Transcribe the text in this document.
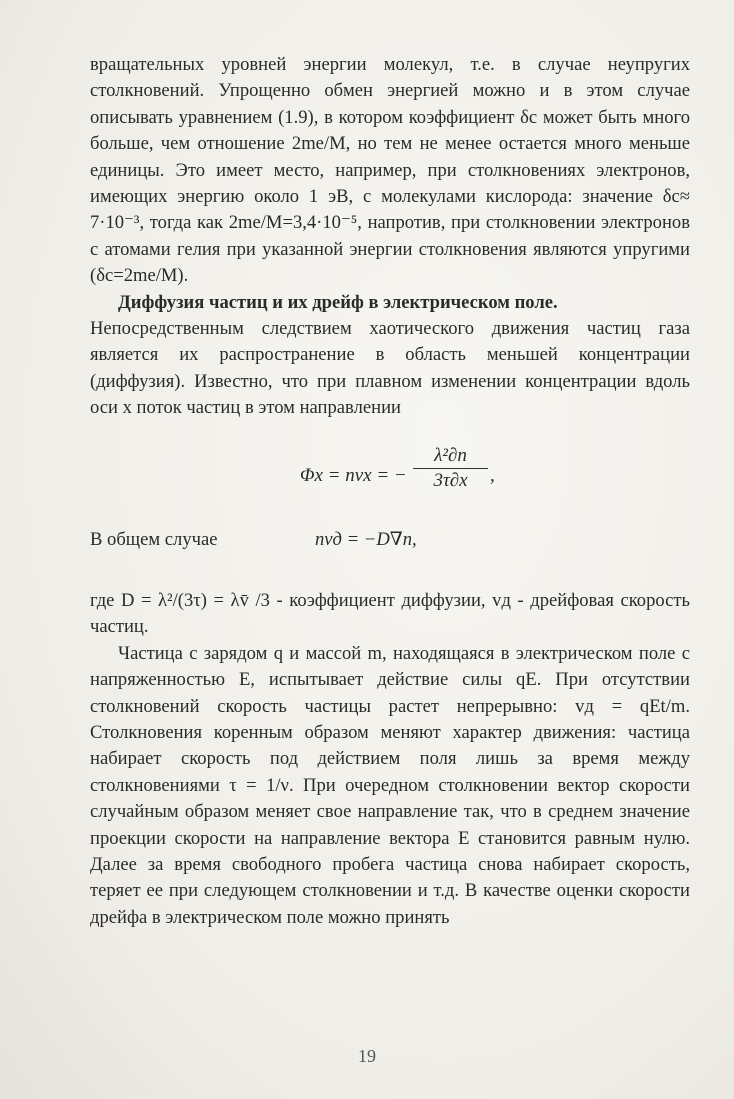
вращательных уровней энергии молекул, т.е. в случае неупругих столкновений. Упрощенно обмен энергией можно и в этом случае описывать уравнением (1.9), в котором коэффициент δc может быть много больше, чем отношение 2me/M, но тем не менее остается много меньше единицы. Это имеет место, например, при столкновениях электронов, имеющих энергию около 1 эВ, с молекулами кислорода: значение δc≈ 7·10⁻³, тогда как 2me/M=3,4·10⁻⁵, напротив, при столкновении электронов с атомами гелия при указанной энергии столкновения являются упругими (δc=2me/M).

Диффузия частиц и их дрейф в электрическом поле.

Непосредственным следствием хаотического движения частиц газа является их распространение в область меньшей концентрации (диффузия). Известно, что при плавном изменении концентрации вдоль оси x поток частиц в этом направлении

Φx = nvx = − $\frac{\text{λ²∂n}}{3\tau\partial x}$ ,
В общем случае	nvд = −D∇n,

где D = λ²/(3τ) = λv̄ /3 - коэффициент диффузии, vд - дрейфовая скорость частиц.

Частица с зарядом q и массой m, находящаяся в электрическом поле с напряженностью E, испытывает действие силы qE. При отсутствии столкновений скорость частицы растет непрерывно: vд = qEt/m. Столкновения коренным образом меняют характер движения: частица набирает скорость под действием поля лишь за время между столкновениями τ = 1/ν. При очередном столкновении вектор скорости случайным образом меняет свое направление так, что в среднем значение проекции скорости на направление вектора E становится равным нулю. Далее за время свободного пробега частица снова набирает скорость, теряет ее при следующем столкновении и т.д. В качестве оценки скорости дрейфа в электрическом поле можно принять

19
